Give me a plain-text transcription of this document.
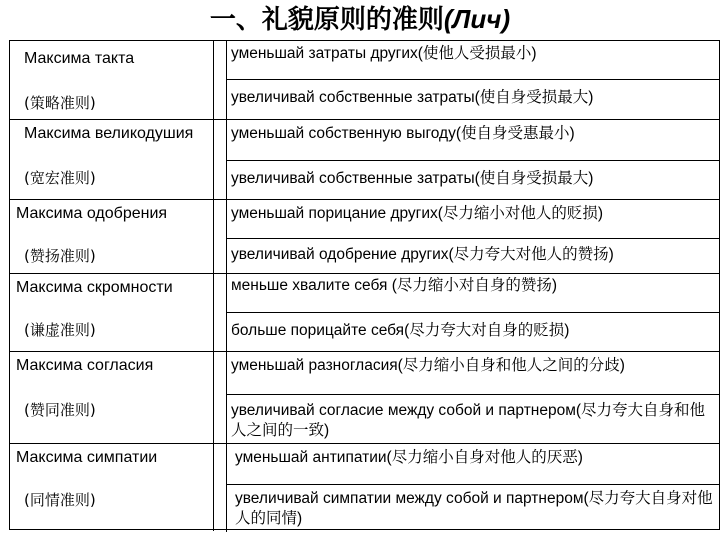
一、礼貌原则的准则(Лич)
Максима такта
(策略准则)
уменьшай затраты других(使他人受损最小)
увеличивай собственные затраты(使自身受损最大)
Максима великодушия
(宽宏准则)
уменьшай собственную выгоду(使自身受惠最小)
увеличивай собственные затраты(使自身受损最大)
Максима одобрения
(赞扬准则)
уменьшай порицание других(尽力缩小对他人的贬损)
увеличивай одобрение других(尽力夸大对他人的赞扬)
Максима скромности
(谦虚准则)
меньше хвалите себя (尽力缩小对自身的赞扬)
больше порицайте себя(尽力夸大对自身的贬损)
Максима согласия
(赞同准则)
уменьшай разногласия(尽力缩小自身和他人之间的分歧)
увеличивай согласие между собой и партнером(尽力夸大自身和他人之间的一致)
Максима симпатии
(同情准则)
уменьшай антипатии(尽力缩小自身对他人的厌恶)
увеличивай симпатии между собой и партнером(尽力夸大自身对他人的同情)
